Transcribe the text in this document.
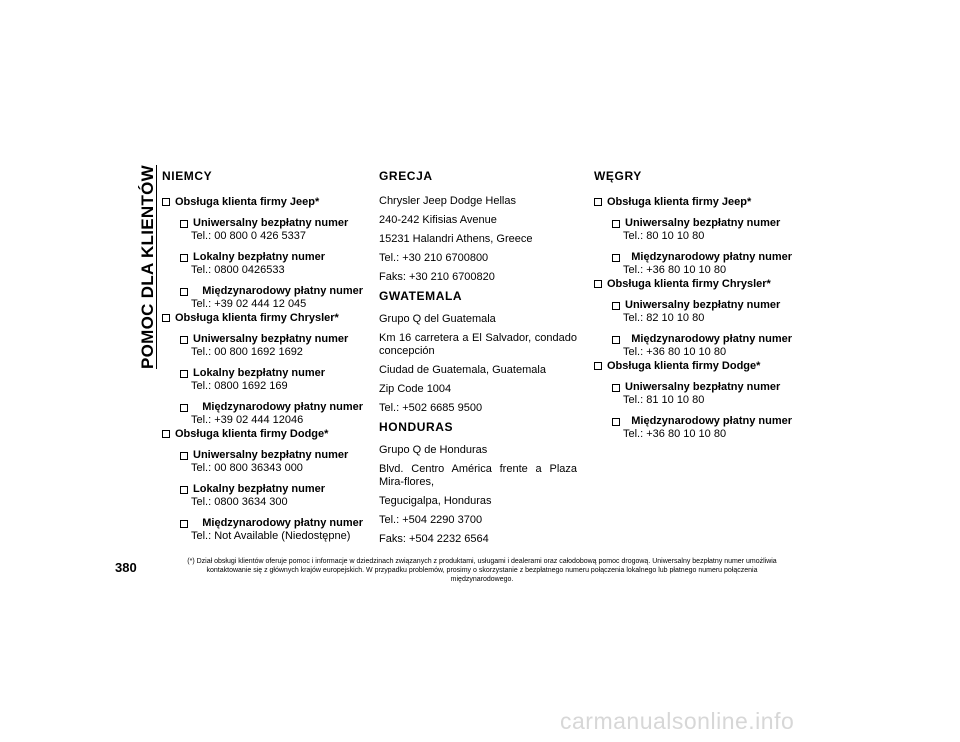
POMOC DLA KLIENTÓW NIEMCY
Obsługa klienta firmy Jeep*
Uniwersalny bezpłatny numer
Tel.: 00 800 0 426 5337
Lokalny bezpłatny numer
Tel.: 0800 0426533
Międzynarodowy płatny numer
Tel.: +39 02 444 12 045
Obsługa klienta firmy Chrysler*
Uniwersalny bezpłatny numer
Tel.: 00 800 1692 1692
Lokalny bezpłatny numer
Tel.: 0800 1692 169
Międzynarodowy płatny numer
Tel.: +39 02 444 12046
Obsługa klienta firmy Dodge*
Uniwersalny bezpłatny numer
Tel.: 00 800 36343 000
Lokalny bezpłatny numer
Tel.: 0800 3634 300
Międzynarodowy płatny numer
Tel.: Not Available (Niedostępne)
GRECJA
Chrysler Jeep Dodge Hellas
240-242 Kifisias Avenue
15231 Halandri Athens, Greece
Tel.: +30 210 6700800
Faks: +30 210 6700820
GWATEMALA
Grupo Q del Guatemala
Km 16 carretera a El Salvador, condado concepción
Ciudad de Guatemala, Guatemala
Zip Code 1004
Tel.: +502 6685 9500
HONDURAS
Grupo Q de Honduras
Blvd. Centro América frente a Plaza Mira-flores,
Tegucigalpa, Honduras
Tel.: +504 2290 3700
Faks: +504 2232 6564
WĘGRY
Obsługa klienta firmy Jeep*
Uniwersalny bezpłatny numer
Tel.: 80 10 10 80
Międzynarodowy płatny numer
Tel.: +36 80 10 10 80
Obsługa klienta firmy Chrysler*
Uniwersalny bezpłatny numer
Tel.: 82 10 10 80
Międzynarodowy płatny numer
Tel.: +36 80 10 10 80
Obsługa klienta firmy Dodge*
Uniwersalny bezpłatny numer
Tel.: 81 10 10 80
Międzynarodowy płatny numer
Tel.: +36 80 10 10 80
380	(*) Dział obsługi klientów oferuje pomoc i informacje w dziedzinach związanych z produktami, usługami i dealerami oraz całodobową pomoc drogową. Uniwersalny bezpłatny numer umożliwia kontaktowanie się z głównych krajów europejskich. W przypadku problemów, prosimy o skorzystanie z bezpłatnego numeru połączenia lokalnego lub płatnego numeru połączenia międzynarodowego.
carmanualsonline.info
